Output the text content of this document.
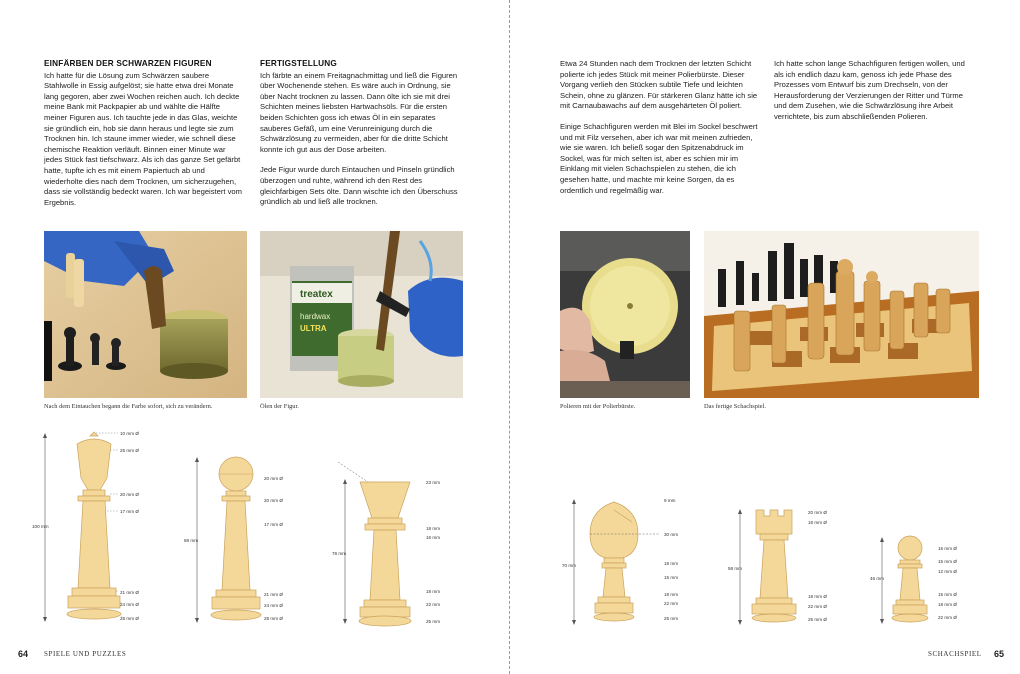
EINFÄRBEN DER SCHWARZEN FIGUREN

Ich hatte für die Lösung zum Schwärzen saubere Stahlwolle in Essig aufgelöst; sie hatte etwa drei Monate lang gegoren, aber zwei Wochen reichen auch. Ich deckte meine Bank mit Packpapier ab und wählte die Hälfte meiner Figuren aus. Ich tauchte jede in das Glas, weichte sie gründlich ein, hob sie dann heraus und legte sie zum Trocknen hin. Ich staune immer wieder, wie schnell diese chemische Reaktion verläuft. Binnen einer Minute war jedes Stück fast tiefschwarz. Als ich das ganze Set gefärbt hatte, tupfte ich es mit einem Papiertuch ab und wiederholte dies nach dem Trocknen, um sicherzugehen, dass sie vollständig bedeckt waren. Ich war begeistert vom Ergebnis.

FERTIGSTELLUNG

Ich färbte an einem Freitagnachmittag und ließ die Figuren über Wochenende stehen. Es wäre auch in Ordnung, sie über Nacht trocknen zu lassen. Dann ölte ich sie mit drei Schichten meines liebsten Hartwachsöls. Für die ersten beiden Schichten goss ich etwas Öl in ein separates sauberes Gefäß, um eine Verunreinigung durch die Schwärzlösung zu vermeiden, aber für die dritte Schicht konnte ich gut aus der Dose arbeiten.

Jede Figur wurde durch Eintauchen und Pinseln gründlich überzogen und ruhte, während ich den Rest des gleichfarbigen Sets ölte. Dann wischte ich den Überschuss gründlich ab und ließ alle trocknen.

Nach dem Eintauchen begann die Farbe sofort, sich zu verändern.
treatex
hardwax
ULTRA
Ölen der Figur.
100 mm
10 mm Ø
25 mm Ø
20 mm Ø
17 mm Ø
21 mm Ø
24 mm Ø
28 mm Ø
88 mm
20 mm Ø
20 mm Ø
17 mm Ø
21 mm Ø
24 mm Ø
28 mm Ø
78 mm
23 mm
18 mm
16 mm
18 mm
22 mm
25 mm
64 SPIELE UND PUZZLES

Etwa 24 Stunden nach dem Trocknen der letzten Schicht polierte ich jedes Stück mit meiner Polierbürste. Dieser Vorgang verlieh den Stücken subtile Tiefe und leichten Schein, ohne zu glänzen. Für stärkeren Glanz hätte ich sie mit Carnaubawachs auf dem ausgehärteten Öl poliert.

Einige Schachfiguren werden mit Blei im Sockel beschwert und mit Filz versehen, aber ich war mit meinen zufrieden, wie sie waren. Ich beließ sogar den Spitzenabdruck im Sockel, was für mich selten ist, aber es schien mir im Einklang mit vielen Schachspielen zu stehen, die ich gesehen hatte, und machte mir keine Sorgen, da es ordentlich und regelmäßig war.

Ich hatte schon lange Schachfiguren fertigen wollen, und als ich endlich dazu kam, genoss ich jede Phase des Prozesses vom Entwurf bis zum Drechseln, von der Herausforderung der Verzierungen der Ritter und Türme und dem Zusehen, wie die Schwärzlösung ihre Arbeit verrichtete, bis zum abschließenden Polieren.

Polieren mit der Polierbürste.	Das fertige Schachspiel.
70 mm
9 mm
30 mm
18 mm
15 mm
18 mm
22 mm
25 mm
58 mm
20 mm Ø
16 mm Ø
18 mm Ø
22 mm Ø
25 mm Ø
46 mm
15 mm Ø
15 mm Ø
12 mm Ø
15 mm Ø
18 mm Ø
22 mm Ø
SCHACHSPIEL 65
